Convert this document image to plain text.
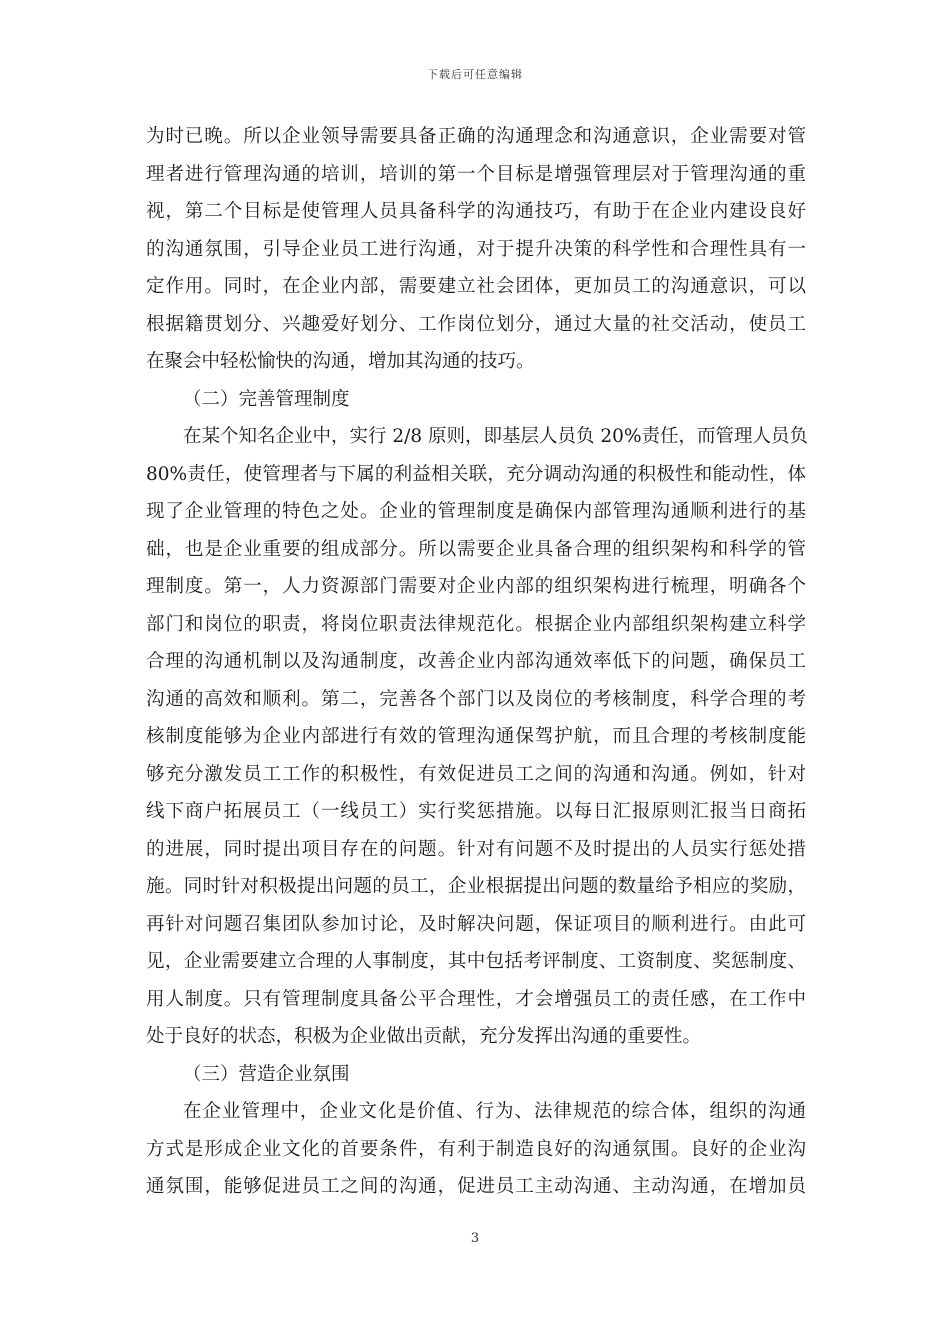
下载后可任意编辑
为时已晚。所以企业领导需要具备正确的沟通理念和沟通意识，企业需要对管
理者进行管理沟通的培训，培训的第一个目标是增强管理层对于管理沟通的重
视，第二个目标是使管理人员具备科学的沟通技巧，有助于在企业内建设良好
的沟通氛围，引导企业员工进行沟通，对于提升决策的科学性和合理性具有一
定作用。同时，在企业内部，需要建立社会团体，更加员工的沟通意识，可以
根据籍贯划分、兴趣爱好划分、工作岗位划分，通过大量的社交活动，使员工
在聚会中轻松愉快的沟通，增加其沟通的技巧。
（二）完善管理制度
在某个知名企业中，实行 2/8 原则，即基层人员负 20%责任，而管理人员负
80%责任，使管理者与下属的利益相关联，充分调动沟通的积极性和能动性，体
现了企业管理的特色之处。企业的管理制度是确保内部管理沟通顺利进行的基
础，也是企业重要的组成部分。所以需要企业具备合理的组织架构和科学的管
理制度。第一，人力资源部门需要对企业内部的组织架构进行梳理，明确各个
部门和岗位的职责，将岗位职责法律规范化。根据企业内部组织架构建立科学
合理的沟通机制以及沟通制度，改善企业内部沟通效率低下的问题，确保员工
沟通的高效和顺利。第二，完善各个部门以及岗位的考核制度，科学合理的考
核制度能够为企业内部进行有效的管理沟通保驾护航，而且合理的考核制度能
够充分激发员工工作的积极性，有效促进员工之间的沟通和沟通。例如，针对
线下商户拓展员工（一线员工）实行奖惩措施。以每日汇报原则汇报当日商拓
的进展，同时提出项目存在的问题。针对有问题不及时提出的人员实行惩处措
施。同时针对积极提出问题的员工，企业根据提出问题的数量给予相应的奖励，
再针对问题召集团队参加讨论，及时解决问题，保证项目的顺利进行。由此可
见，企业需要建立合理的人事制度，其中包括考评制度、工资制度、奖惩制度、
用人制度。只有管理制度具备公平合理性，才会增强员工的责任感，在工作中
处于良好的状态，积极为企业做出贡献，充分发挥出沟通的重要性。
（三）营造企业氛围
在企业管理中，企业文化是价值、行为、法律规范的综合体，组织的沟通
方式是形成企业文化的首要条件，有利于制造良好的沟通氛围。良好的企业沟
通氛围，能够促进员工之间的沟通，促进员工主动沟通、主动沟通，在增加员
3
